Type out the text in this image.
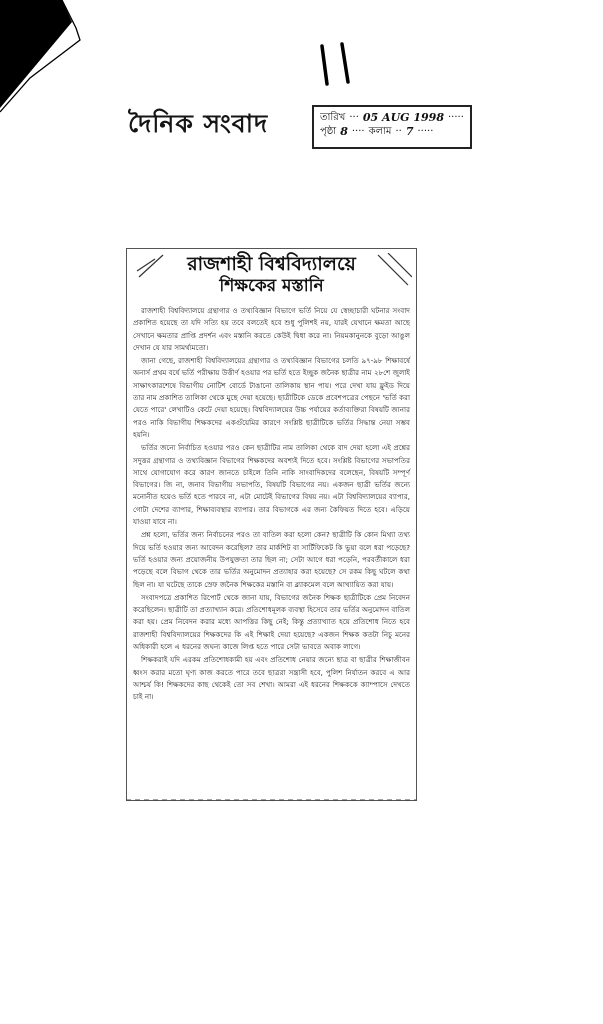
দৈনিক সংবাদ	তারিখ ··· 05 AUG 1998 ·····
পৃষ্ঠা 8 ···· কলাম ·· 7 ·····
রাজশাহী বিশ্ববিদ্যালয়ে
শিক্ষকের মস্তানি

রাজশাহী বিশ্ববিদ্যালয়ে গ্রন্থাগার ও তথ্যবিজ্ঞান বিভাগে ভর্তি নিয়ে যে স্বেচ্ছাচারী ঘটনার সংবাদ প্রকাশিত হয়েছে তা যদি সত্যি হয় তবে বলতেই হবে শুধু পুলিশই নয়, যারই যেখানে ক্ষমতা আছে সেখানে ক্ষমতার প্রাপ্তি প্রদর্শন এবং মস্তানি করতে কেউই দ্বিধা করে না। নিয়মকানুনকে বুড়ো আঙুল দেখান যে যার সামর্থ্যমতো।

জানা গেছে, রাজশাহী বিশ্ববিদ্যালয়ের গ্রন্থাগার ও তথ্যবিজ্ঞান বিভাগের চলতি ৯৭-৯৮ শিক্ষাবর্ষে অনার্স প্রথম বর্ষে ভর্তি পরীক্ষায় উত্তীর্ণ হওয়ার পর ভর্তি হতে ইচ্ছুক জনৈক ছাত্রীর নাম ২৮শে জুলাই সাক্ষাৎকারশেষে বিভাগীয় নোটিশ বোর্ডে টাঙানো তালিকায় স্থান পায়। পরে দেখা যায় ফ্লুইড দিয়ে তার নাম প্রকাশিত তালিকা থেকে মুছে দেয়া হয়েছে। ছাত্রীটিকে ডেকে প্রবেশপত্রের পেছনে 'ভর্তি করা যেতে পারে' লেখাটিও কেটে দেয়া হয়েছে। বিশ্ববিদ্যালয়ের উচ্চ পর্যায়ের কর্তাব্যক্তিরা বিষয়টি জানার পরও নাকি বিভাগীয় শিক্ষকদের একগুঁয়েমির কারণে সংশ্লিষ্ট ছাত্রীটিকে ভর্তির সিদ্ধান্ত নেয়া সম্ভব হয়নি।

ভর্তির জন্যে নির্বাচিত হওয়ার পরও কেন ছাত্রীটির নাম তালিকা থেকে বাদ দেয়া হলো এই প্রশ্নের সদুত্তর গ্রন্থাগার ও তথ্যবিজ্ঞান বিভাগের শিক্ষকদের অবশ্যই দিতে হবে। সংশ্লিষ্ট বিভাগের সভাপতির সাথে যোগাযোগ করে কারণ জানতে চাইলে তিনি নাকি সাংবাদিকদের বলেছেন, বিষয়টি সম্পূর্ণ বিভাগের। জি না, জনাব বিভাগীয় সভাপতি, বিষয়টি বিভাগের নয়। একজন ছাত্রী ভর্তির জন্যে মনোনীত হয়েও ভর্তি হতে পারবে না, এটা মোটেই বিভাগের বিষয় নয়। এটা বিশ্ববিদ্যালয়ের ব্যাপার, গোটা দেশের ব্যাপার, শিক্ষাব্যবস্থার ব্যাপার। তার বিভাগকে এর জন্য কৈফিয়ত দিতে হবে। এড়িয়ে যাওয়া যাবে না।

প্রশ্ন হলো, ভর্তির জন্য নির্বাচনের পরও তা বাতিল করা হলো কেন? ছাত্রীটি কি কোন মিথ্যা তথ্য দিয়ে ভর্তি হওয়ার জন্য আবেদন করেছিল? তার মার্কশিট বা সার্টিফিকেট কি ভুয়া বলে ধরা পড়েছে? ভর্তি হওয়ার জন্য প্রয়োজনীয় উপযুক্ততা তার ছিল না; সেটা আগে ধরা পড়েনি, পরবর্তীকালে ধরা পড়েছে বলে বিভাগ থেকে তার ভর্তির অনুমোদন প্রত্যাহার করা হয়েছে? সে রকম কিছু ঘটলে কথা ছিল না। যা ঘটেছে তাকে স্রেফ জনৈক শিক্ষকের মস্তানি বা ব্ল্যাকমেল বলে আখ্যায়িত করা যায়।

সংবাদপত্রে প্রকাশিত রিপোর্ট থেকে জানা যায়, বিভাগের জনৈক শিক্ষক ছাত্রীটিকে প্রেম নিবেদন করেছিলেন। ছাত্রীটি তা প্রত্যাখ্যান করে। প্রতিশোধমূলক ব্যবস্থা হিসেবে তার ভর্তির অনুমোদন বাতিল করা হয়। প্রেম নিবেদন করার মধ্যে আপত্তির কিছু নেই; কিন্তু প্রত্যাখ্যাত হয়ে প্রতিশোধ নিতে হবে রাজশাহী বিশ্ববিদ্যালয়ের শিক্ষকদের কি এই শিক্ষাই দেয়া হয়েছে? একজন শিক্ষক কতটা নিচু মনের অধিকারী হলে এ ধরনের জঘন্য কাজে লিপ্ত হতে পারে সেটা ভাবতে অবাক লাগে।

শিক্ষকরাই যদি এরকম প্রতিশোধকামী হয় এবং প্রতিশোধ নেয়ার জন্যে ছাত্র বা ছাত্রীর শিক্ষাজীবন ধ্বংস করার মতো ঘৃণ্য কাজ করতে পারে তবে ছাত্ররা সন্ত্রাসী হবে, পুলিশ নির্যাতন করবে এ আর আশ্চর্য কি! শিক্ষকদের কাছ থেকেই তো সব শেখা। আমরা এই ধরনের শিক্ষককে ক্যাম্পাসে দেখতে চাই না।
